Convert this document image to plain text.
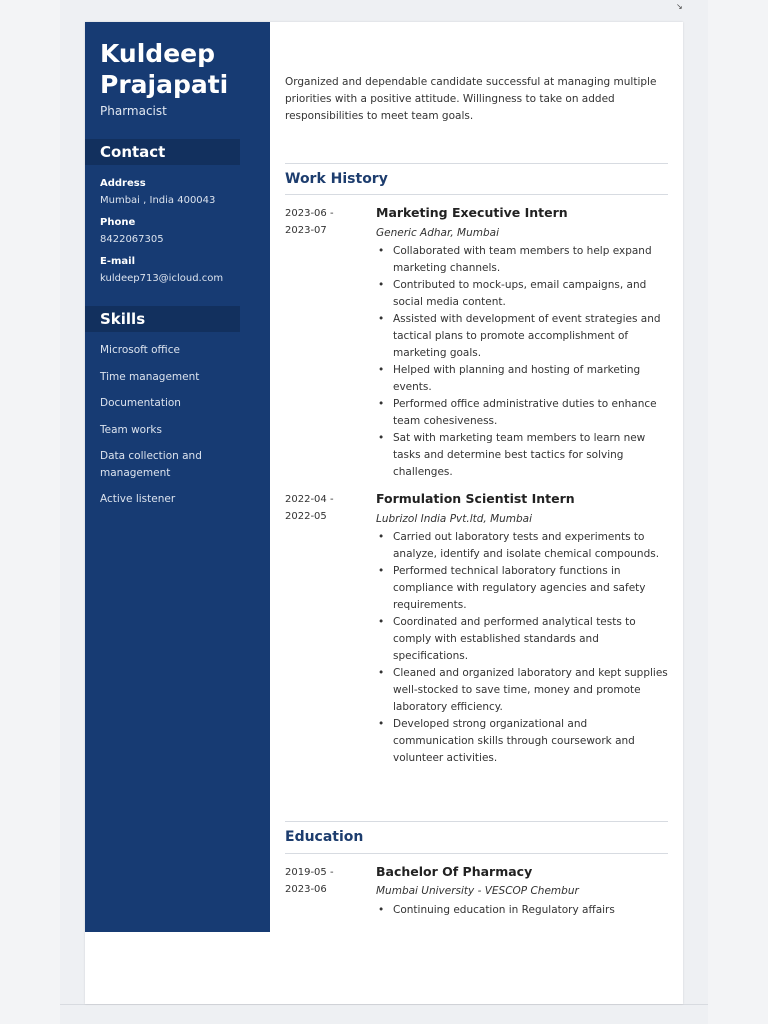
↘
Kuldeep
Prajapati
Pharmacist
Contact
Address
Mumbai , India 400043
Phone
8422067305
E-mail
kuldeep713@icloud.com
Skills
Microsoft office
Time management
Documentation
Team works
Data collection and management
Active listener
Organized and dependable candidate successful at managing multiple priorities with a positive attitude. Willingness to take on added responsibilities to meet team goals.
Work History
2023-06 -
2023-07
Marketing Executive Intern
Generic Adhar, Mumbai
• Collaborated with team members to help expand marketing channels.
• Contributed to mock-ups, email campaigns, and social media content.
• Assisted with development of event strategies and tactical plans to promote accomplishment of marketing goals.
• Helped with planning and hosting of marketing events.
• Performed office administrative duties to enhance team cohesiveness.
• Sat with marketing team members to learn new tasks and determine best tactics for solving challenges.
2022-04 -
2022-05
Formulation Scientist Intern
Lubrizol India Pvt.ltd, Mumbai
• Carried out laboratory tests and experiments to analyze, identify and isolate chemical compounds.
• Performed technical laboratory functions in compliance with regulatory agencies and safety requirements.
• Coordinated and performed analytical tests to comply with established standards and specifications.
• Cleaned and organized laboratory and kept supplies well-stocked to save time, money and promote laboratory efficiency.
• Developed strong organizational and communication skills through coursework and volunteer activities.
Education
2019-05 -
2023-06
Bachelor Of Pharmacy
Mumbai University - VESCOP Chembur
• Continuing education in Regulatory affairs
